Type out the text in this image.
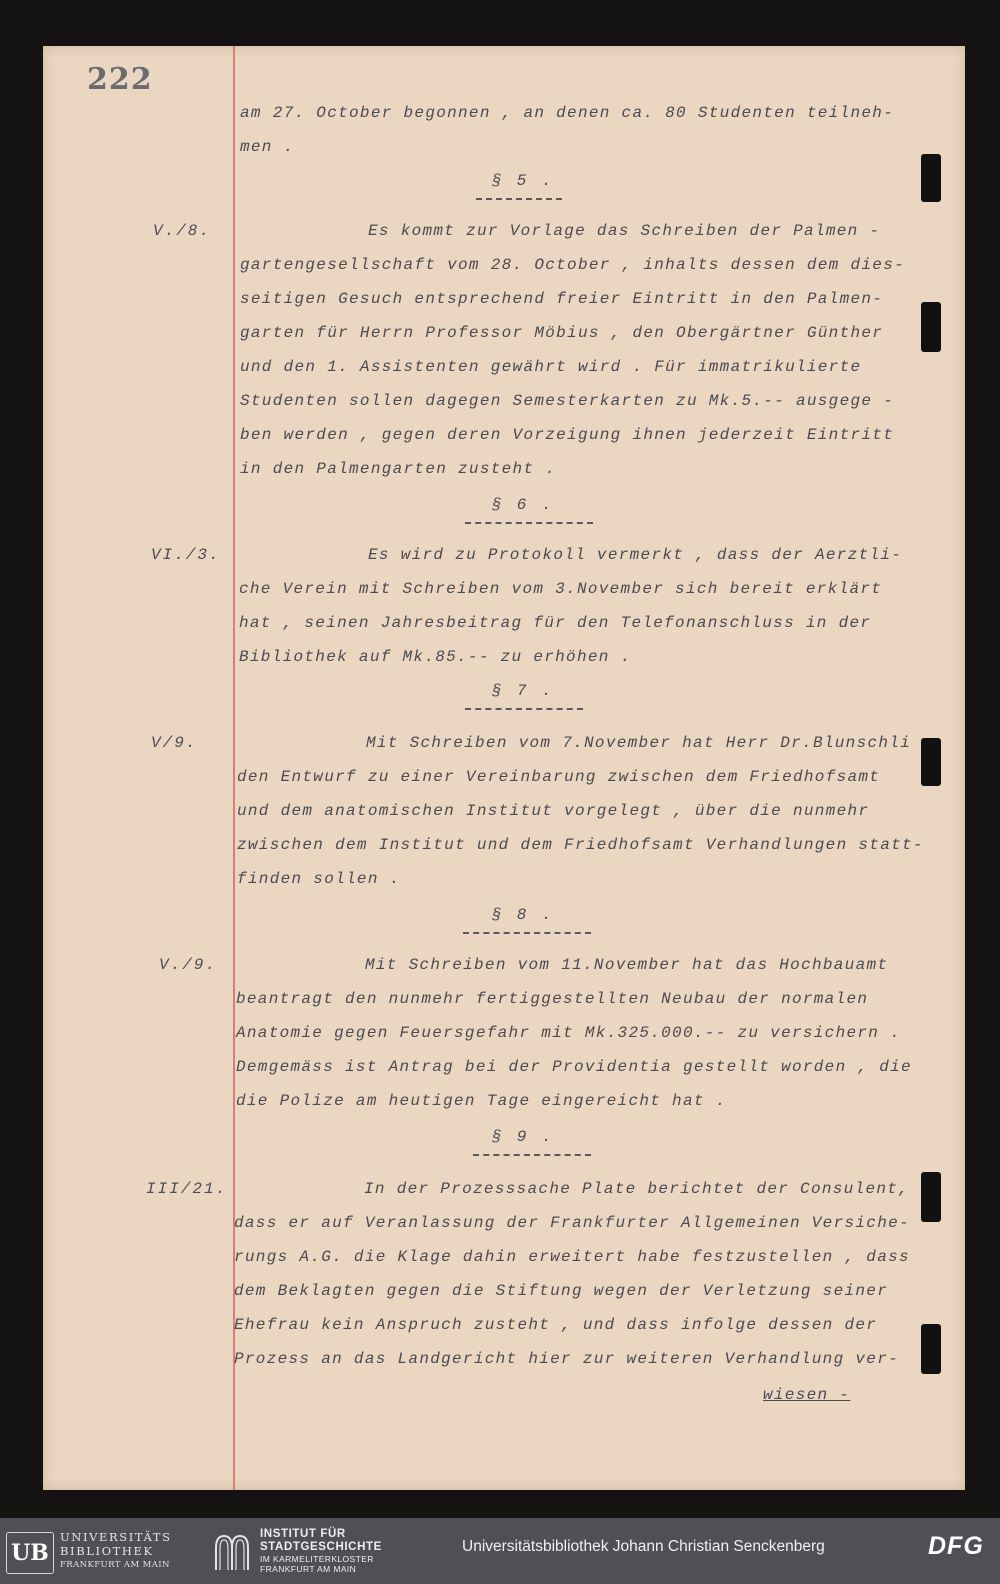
222
V./8.
VI./3.
V/9.
V./9.
III/21.
am 27. October begonnen , an denen ca. 80 Studenten teilneh-
men .
§ 5 .
Es kommt zur Vorlage das Schreiben der Palmen -
gartengesellschaft vom 28. October , inhalts dessen dem dies-
seitigen Gesuch entsprechend freier Eintritt in den Palmen-
garten für Herrn Professor Möbius , den Obergärtner Günther
und den 1. Assistenten gewährt wird . Für immatrikulierte
Studenten sollen dagegen Semesterkarten zu Mk.5.-- ausgege -
ben werden , gegen deren Vorzeigung ihnen jederzeit Eintritt
in den Palmengarten zusteht .
§ 6 .
Es wird zu Protokoll vermerkt , dass der Aerztli-
che Verein mit Schreiben vom 3.November sich bereit erklärt
hat , seinen Jahresbeitrag für den Telefonanschluss in der
Bibliothek auf Mk.85.-- zu erhöhen .
§ 7 .
Mit Schreiben vom 7.November hat Herr Dr.Blunschli
den Entwurf zu einer Vereinbarung zwischen dem Friedhofsamt
und dem anatomischen Institut vorgelegt , über die nunmehr
zwischen dem Institut und dem Friedhofsamt Verhandlungen statt-
finden sollen .
§ 8 .
Mit Schreiben vom 11.November hat das Hochbauamt
beantragt den nunmehr fertiggestellten Neubau der normalen
Anatomie gegen Feuersgefahr mit Mk.325.000.-- zu versichern .
Demgemäss ist Antrag bei der Providentia gestellt worden , die
die Polize am heutigen Tage eingereicht hat .
§ 9 .
In der Prozesssache Plate berichtet der Consulent,
dass er auf Veranlassung der Frankfurter Allgemeinen Versiche-
rungs A.G. die Klage dahin erweitert habe festzustellen , dass
dem Beklagten gegen die Stiftung wegen der Verletzung seiner
Ehefrau kein Anspruch zusteht , und dass infolge dessen der
Prozess an das Landgericht hier zur weiteren Verhandlung ver-
wiesen -
UB
UNIVERSITÄTS
BIBLIOTHEK
FRANKFURT AM MAIN
INSTITUT FÜR
STADTGESCHICHTE
IM KARMELITERKLOSTER
FRANKFURT AM MAIN
Universitätsbibliothek Johann Christian Senckenberg	DFG
